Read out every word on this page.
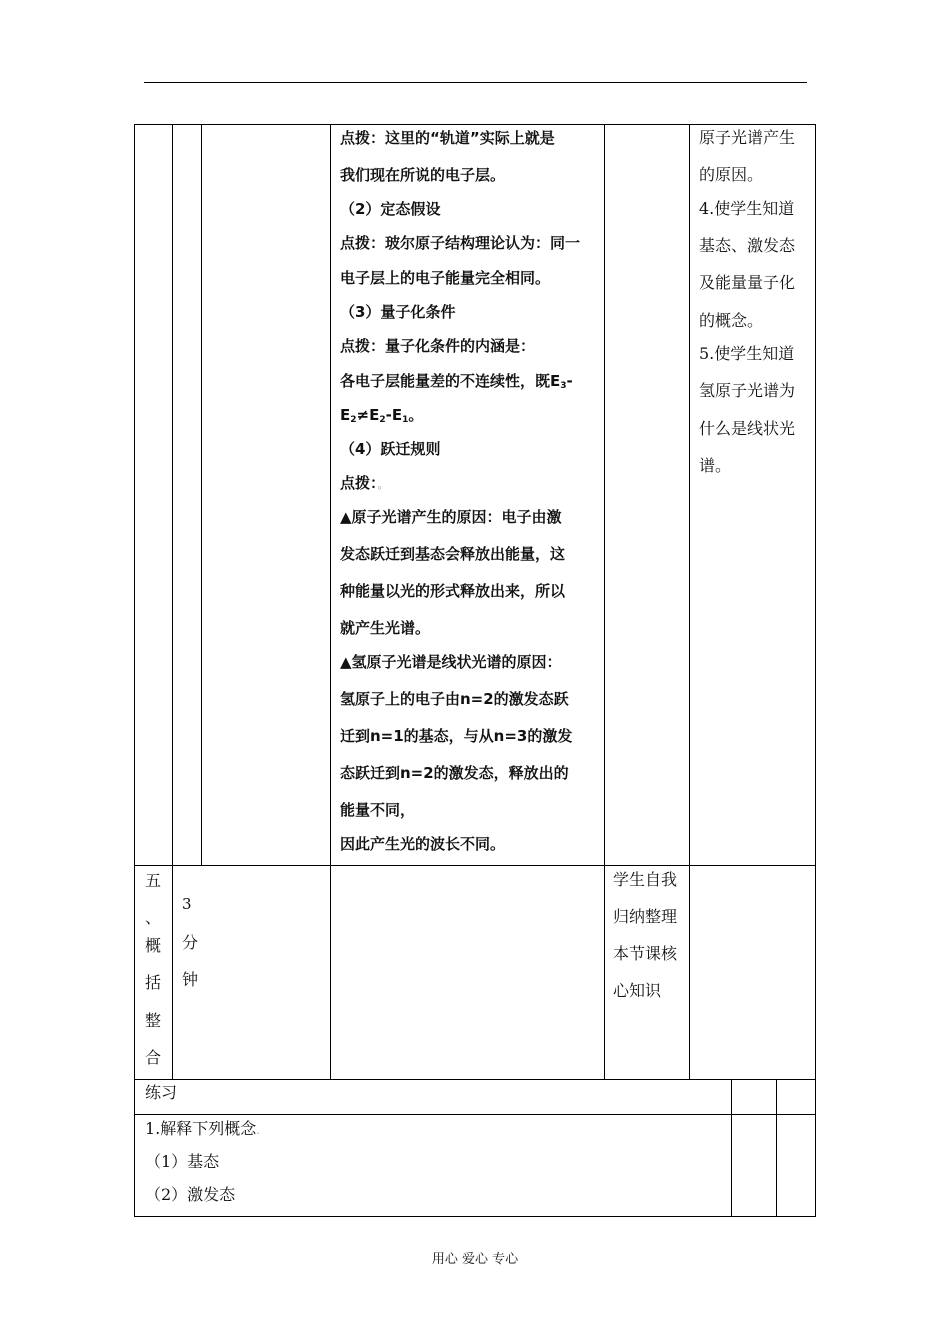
点拨：这里的“轨道”实际上就是
我们现在所说的电子层。
（2）定态假设
点拨：玻尔原子结构理论认为：同一
电子层上的电子能量完全相同。
（3）量子化条件
点拨：量子化条件的内涵是：
各电子层能量差的不连续性，既$E_3-$
$E_2\ne E_2-E_1$。
（4）跃迁规则
点拨：。
▲原子光谱产生的原因：电子由激
发态跃迁到基态会释放出能量，这
种能量以光的形式释放出来，所以
就产生光谱。
▲氢原子光谱是线状光谱的原因：
氢原子上的电子由n=2的激发态跃
迁到n=1的基态，与从n=3的激发
态跃迁到n=2的激发态，释放出的
能量不同，
因此产生光的波长不同。
原子光谱产生
的原因。
4.使学生知道
基态、激发态
及能量量子化
的概念。
5.使学生知道
氢原子光谱为
什么是线状光
谱。
五
、
概
括
整
合
3
分
钟
学生自我
归纳整理
本节课核
心知识
练习
1.解释下列概念.
（1）基态
（2）激发态
用心 爱心 专心
